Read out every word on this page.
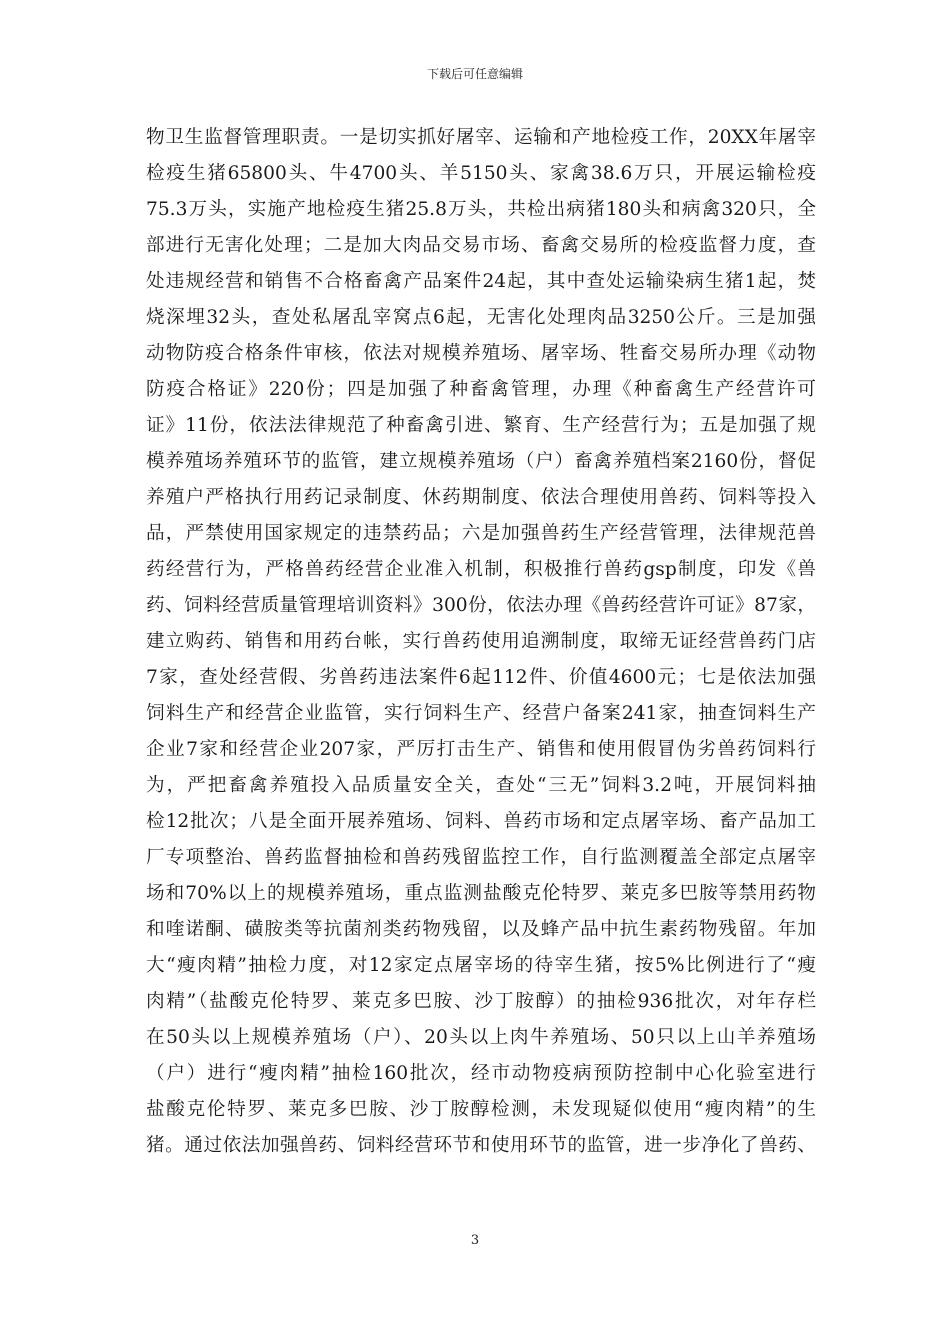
下载后可任意编辑
物卫生监督管理职责。一是切实抓好屠宰、运输和产地检疫工作，20XX年屠宰
检疫生猪65800头、牛4700头、羊5150头、家禽38.6万只，开展运输检疫
75.3万头，实施产地检疫生猪25.8万头，共检出病猪180头和病禽320只，全
部进行无害化处理；二是加大肉品交易市场、畜禽交易所的检疫监督力度，查
处违规经营和销售不合格畜禽产品案件24起，其中查处运输染病生猪1起，焚
烧深埋32头，查处私屠乱宰窝点6起，无害化处理肉品3250公斤。三是加强
动物防疫合格条件审核，依法对规模养殖场、屠宰场、牲畜交易所办理《动物
防疫合格证》220份；四是加强了种畜禽管理，办理《种畜禽生产经营许可
证》11份，依法法律规范了种畜禽引进、繁育、生产经营行为；五是加强了规
模养殖场养殖环节的监管，建立规模养殖场（户）畜禽养殖档案2160份，督促
养殖户严格执行用药记录制度、休药期制度、依法合理使用兽药、饲料等投入
品，严禁使用国家规定的违禁药品；六是加强兽药生产经营管理，法律规范兽
药经营行为，严格兽药经营企业准入机制，积极推行兽药gsp制度，印发《兽
药、饲料经营质量管理培训资料》300份，依法办理《兽药经营许可证》87家，
建立购药、销售和用药台帐，实行兽药使用追溯制度，取缔无证经营兽药门店
7家，查处经营假、劣兽药违法案件6起112件、价值4600元；七是依法加强
饲料生产和经营企业监管，实行饲料生产、经营户备案241家，抽查饲料生产
企业7家和经营企业207家，严厉打击生产、销售和使用假冒伪劣兽药饲料行
为，严把畜禽养殖投入品质量安全关，查处“三无”饲料3.2吨，开展饲料抽
检12批次；八是全面开展养殖场、饲料、兽药市场和定点屠宰场、畜产品加工
厂专项整治、兽药监督抽检和兽药残留监控工作，自行监测覆盖全部定点屠宰
场和70%以上的规模养殖场，重点监测盐酸克伦特罗、莱克多巴胺等禁用药物
和喹诺酮、磺胺类等抗菌剂类药物残留，以及蜂产品中抗生素药物残留。年加
大“瘦肉精”抽检力度，对12家定点屠宰场的待宰生猪，按5%比例进行了“瘦
肉精”（盐酸克伦特罗、莱克多巴胺、沙丁胺醇）的抽检936批次，对年存栏
在50头以上规模养殖场（户）、20头以上肉牛养殖场、50只以上山羊养殖场
（户）进行“瘦肉精”抽检160批次，经市动物疫病预防控制中心化验室进行
盐酸克伦特罗、莱克多巴胺、沙丁胺醇检测，未发现疑似使用“瘦肉精”的生
猪。通过依法加强兽药、饲料经营环节和使用环节的监管，进一步净化了兽药、
3
